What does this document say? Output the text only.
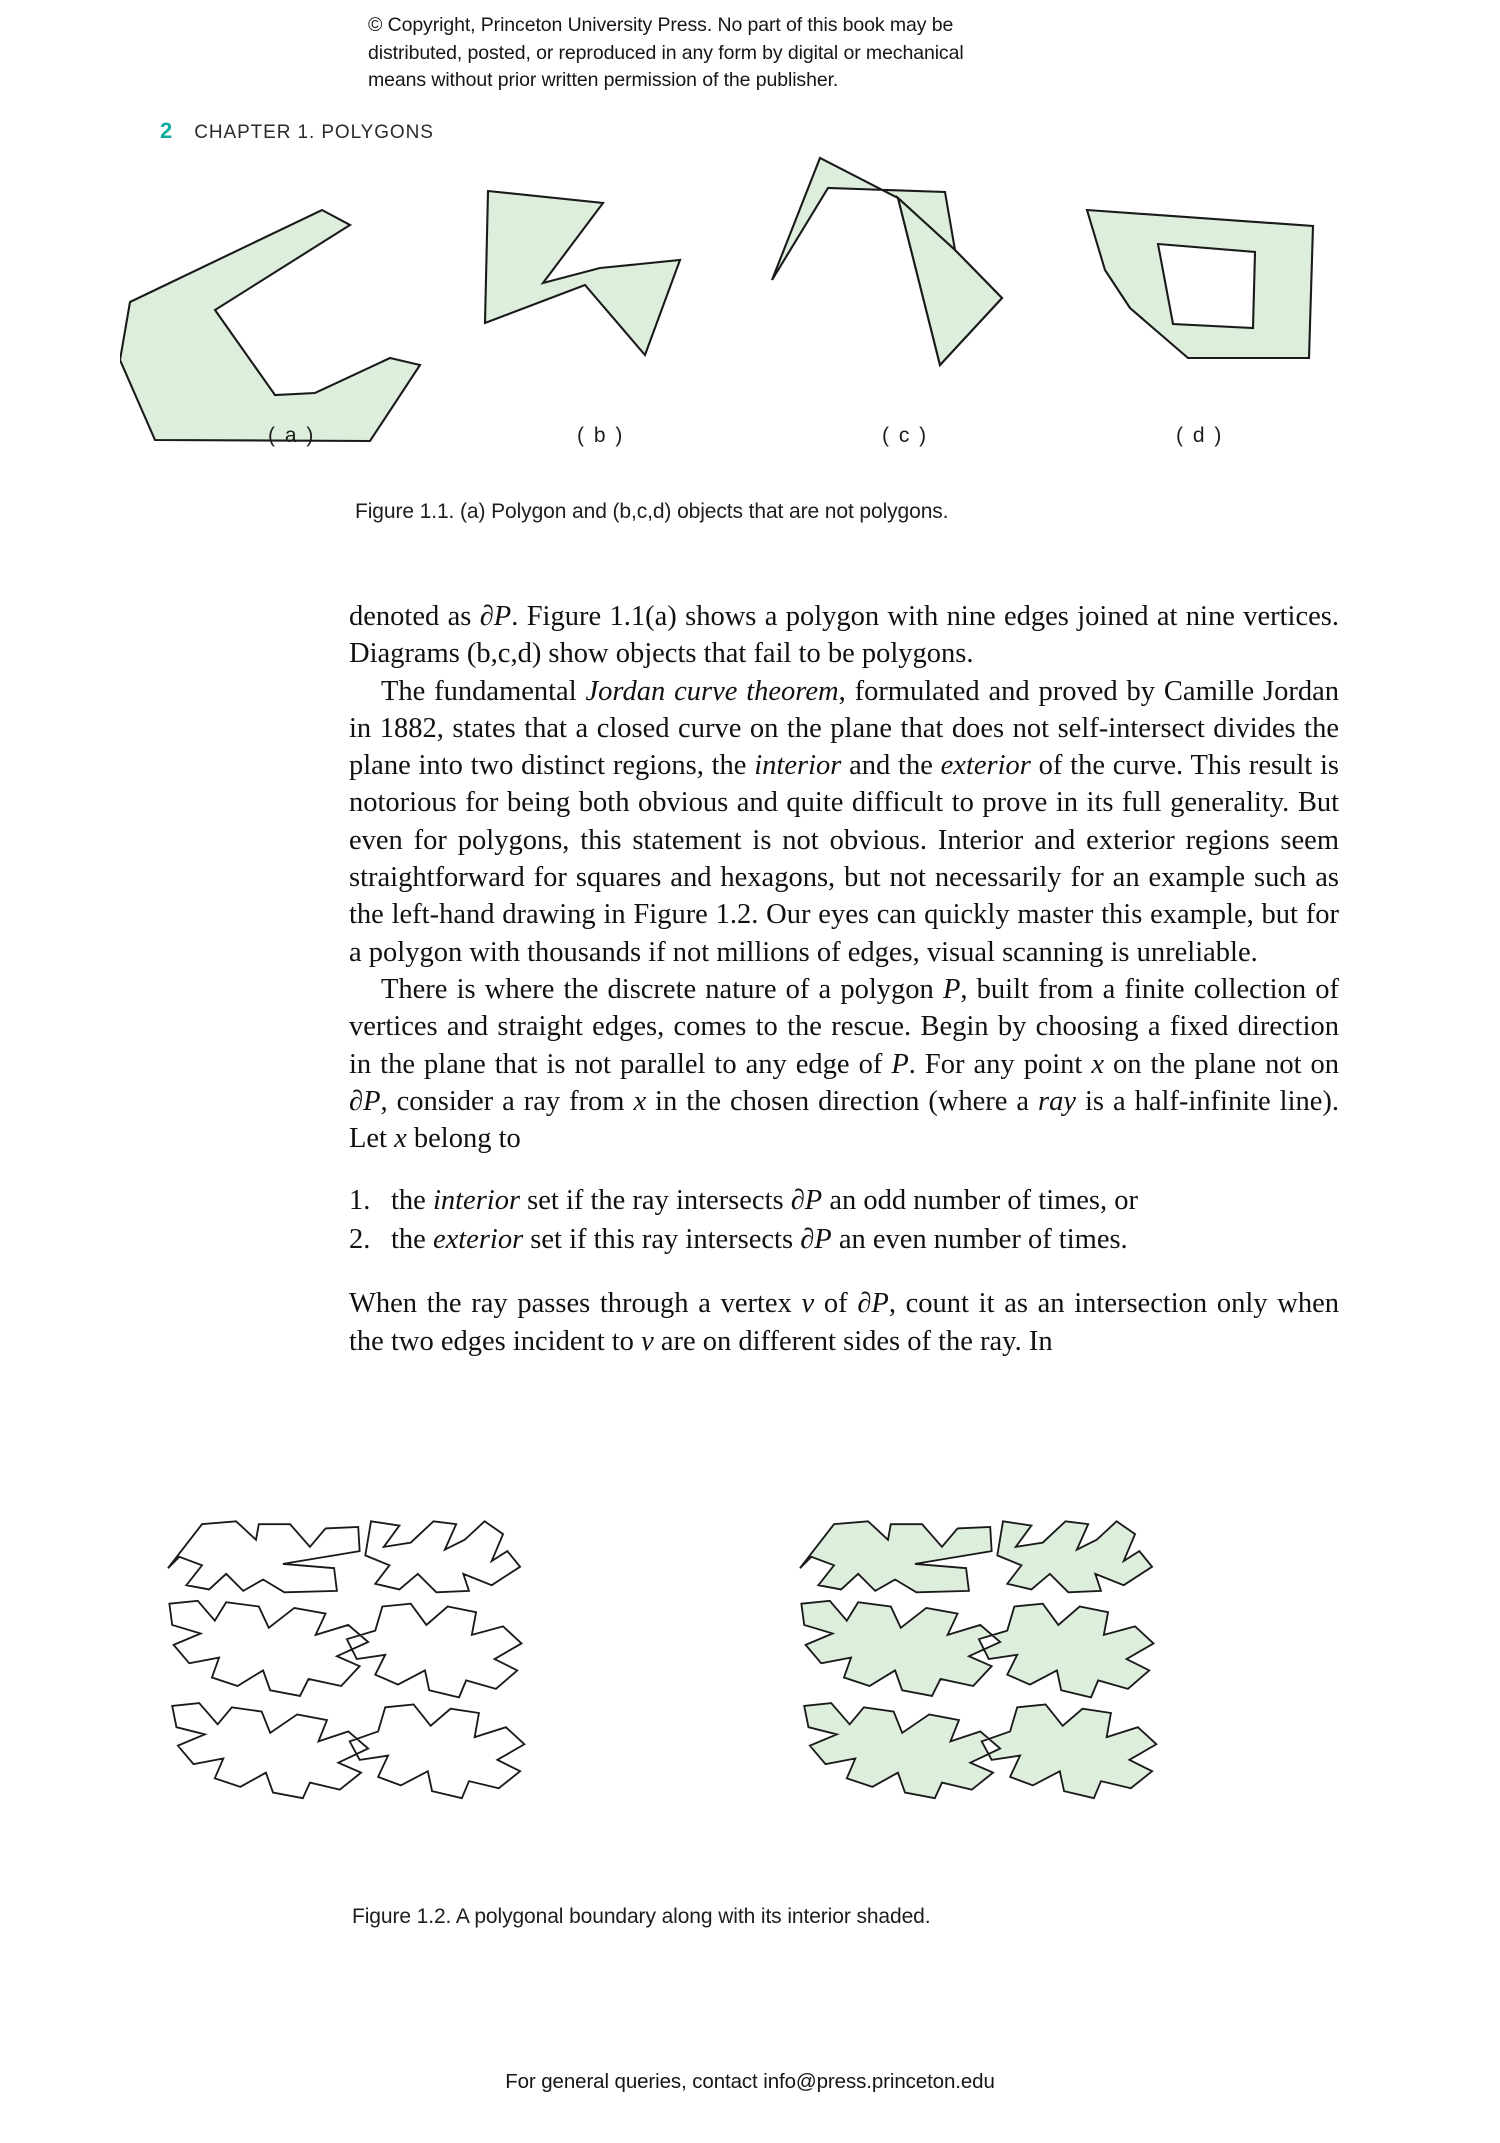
© Copyright, Princeton University Press. No part of this book may be
distributed, posted, or reproduced in any form by digital or mechanical
means without prior written permission of the publisher.
2 CHAPTER 1. POLYGONS
( a )	( b )	( c )	( d )
Figure 1.1. (a) Polygon and (b,c,d) objects that are not polygons.

denoted as ∂P. Figure 1.1(a) shows a polygon with nine edges joined at nine vertices. Diagrams (b,c,d) show objects that fail to be polygons.

The fundamental Jordan curve theorem, formulated and proved by Camille Jordan in 1882, states that a closed curve on the plane that does not self-intersect divides the plane into two distinct regions, the interior and the exterior of the curve. This result is notorious for being both obvious and quite difficult to prove in its full generality. But even for polygons, this statement is not obvious. Interior and exterior regions seem straightforward for squares and hexagons, but not necessarily for an example such as the left-hand drawing in Figure 1.2. Our eyes can quickly master this example, but for a polygon with thousands if not millions of edges, visual scanning is unreliable.

There is where the discrete nature of a polygon P, built from a finite collection of vertices and straight edges, comes to the rescue. Begin by choosing a fixed direction in the plane that is not parallel to any edge of P. For any point x on the plane not on ∂P, consider a ray from x in the chosen direction (where a ray is a half-infinite line). Let x belong to

1. the interior set if the ray intersects ∂P an odd number of times, or
2. the exterior set if this ray intersects ∂P an even number of times.

When the ray passes through a vertex v of ∂P, count it as an intersection only when the two edges incident to v are on different sides of the ray. In

Figure 1.2. A polygonal boundary along with its interior shaded.
For general queries, contact info@press.princeton.edu
